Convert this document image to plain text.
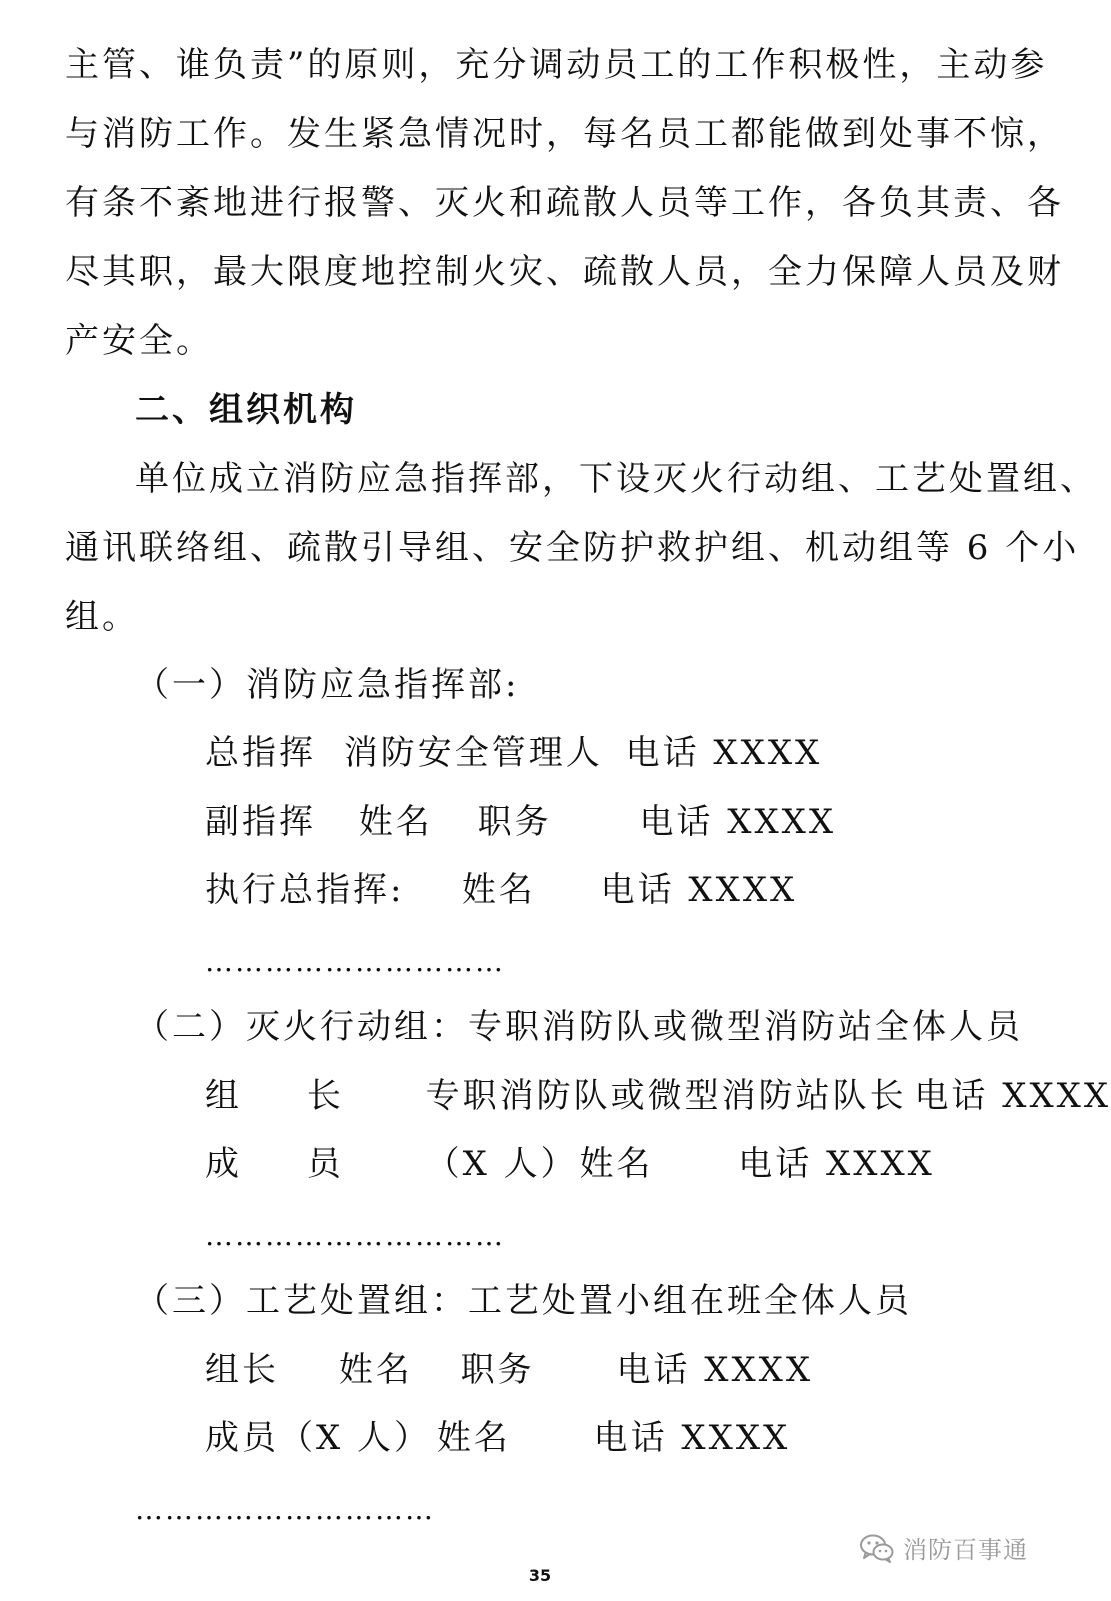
主管、谁负责”的原则，充分调动员工的工作积极性，主动参
与消防工作。发生紧急情况时，每名员工都能做到处事不惊，
有条不紊地进行报警、灭火和疏散人员等工作，各负其责、各
尽其职，最大限度地控制火灾、疏散人员，全力保障人员及财
产安全。
二、组织机构
单位成立消防应急指挥部，下设灭火行动组、工艺处置组、
通讯联络组、疏散引导组、安全防护救护组、机动组等 6 个小
组。
（一）消防应急指挥部:
总指挥 消防安全管理人 电话 XXXX
副指挥 姓名 职务	电话 XXXX
执行总指挥: 姓名 电话 XXXX
…………………………
（二）灭火行动组：专职消防队或微型消防站全体人员
组 长 专职消防队或微型消防站队长 电话 XXXX
成 员 （X 人） 姓名 电话 XXXX
…………………………
（三）工艺处置组：工艺处置小组在班全体人员
组长 姓名 职务 电话 XXXX
成员（X 人） 姓名 电话 XXXX
…………………………
消防百事通
35
